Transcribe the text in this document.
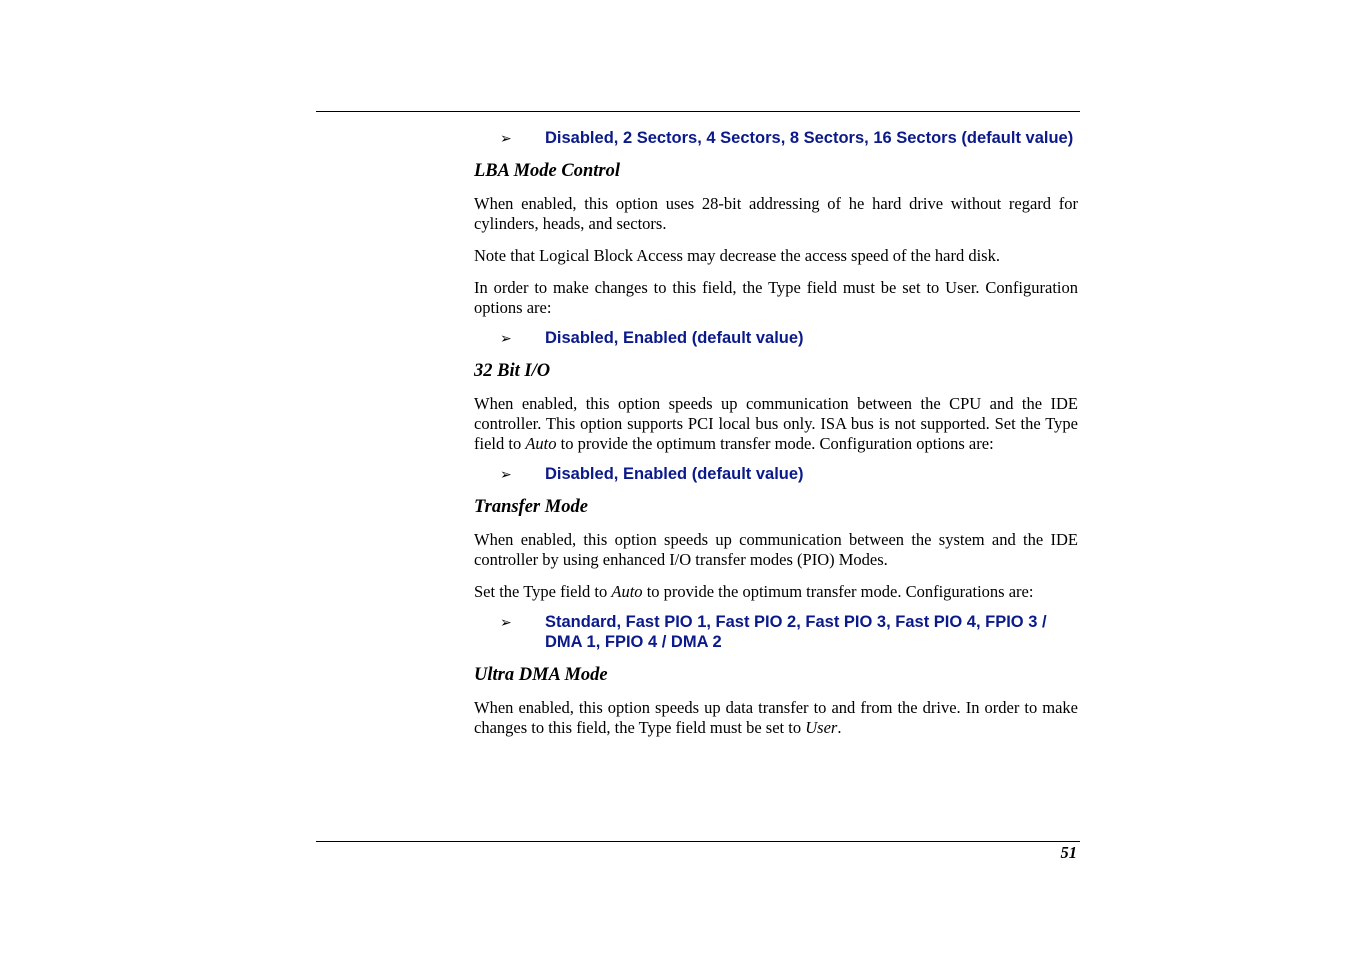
➢ Disabled, 2 Sectors, 4 Sectors, 8 Sectors, 16 Sectors (default value)

LBA Mode Control

When enabled, this option uses 28-bit addressing of he hard drive without regard for cylinders, heads, and sectors.

Note that Logical Block Access may decrease the access speed of the hard disk.

In order to make changes to this field, the Type field must be set to User. Configuration options are:

➢ Disabled, Enabled (default value)

32 Bit I/O

When enabled, this option speeds up communication between the CPU and the IDE controller. This option supports PCI local bus only. ISA bus is not supported. Set the Type field to Auto to provide the optimum transfer mode. Configuration options are:

➢ Disabled, Enabled (default value)

Transfer Mode

When enabled, this option speeds up communication between the system and the IDE controller by using enhanced I/O transfer modes (PIO) Modes.

Set the Type field to Auto to provide the optimum transfer mode. Configurations are:

➢ Standard, Fast PIO 1, Fast PIO 2, Fast PIO 3, Fast PIO 4, FPIO 3 / DMA 1, FPIO 4 / DMA 2

Ultra DMA Mode

When enabled, this option speeds up data transfer to and from the drive. In order to make changes to this field, the Type field must be set to User.

51
